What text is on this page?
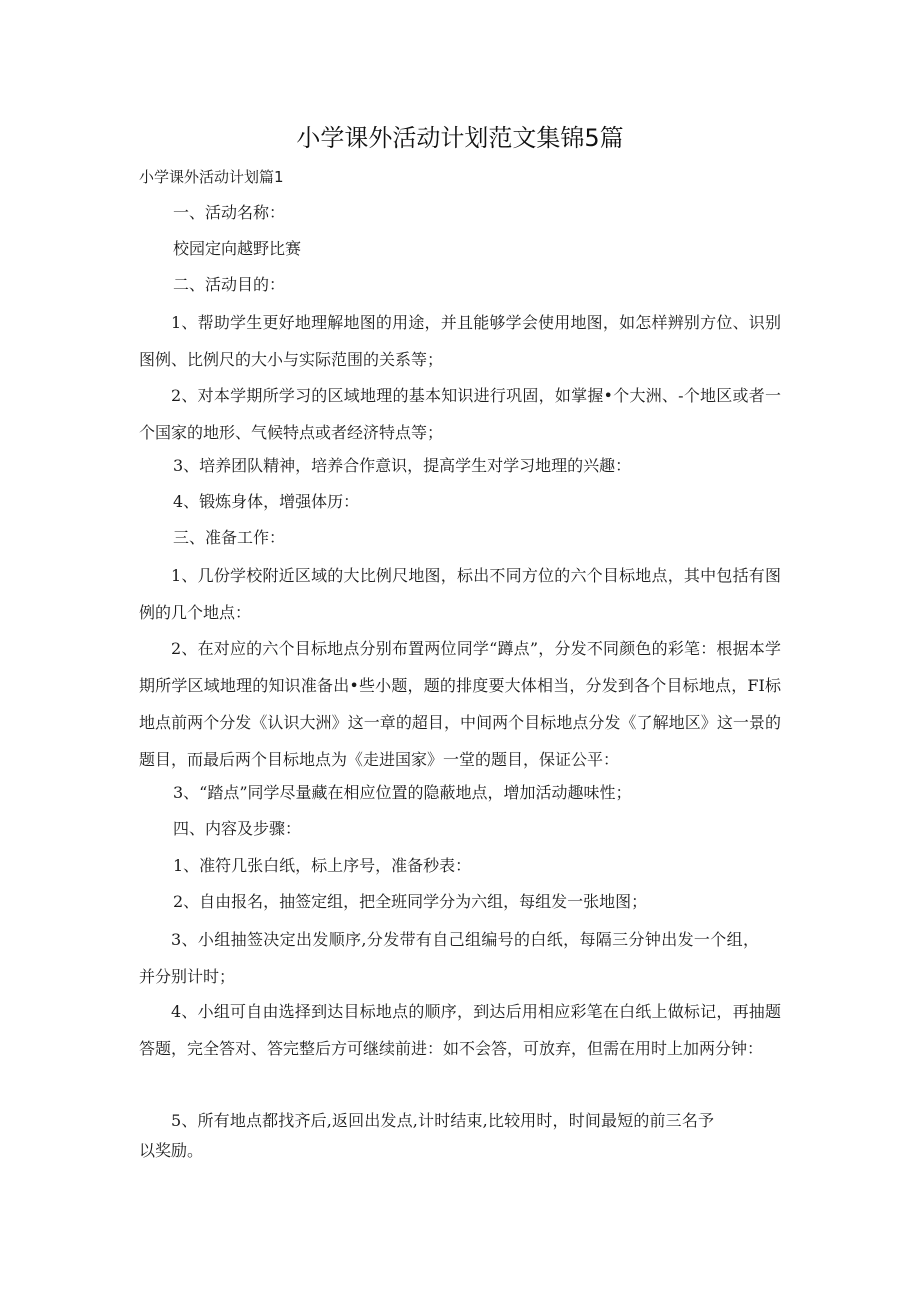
小学课外活动计划范文集锦5篇
小学课外活动计划篇1
一、活动名称：
校园定向越野比赛
二、活动目的：
1、帮助学生更好地理解地图的用途，并且能够学会使用地图，如怎样辨别方位、识别图例、比例尺的大小与实际范围的关系等；
2、对本学期所学习的区域地理的基本知识进行巩固，如掌握•个大洲、-个地区或者一个国家的地形、气候特点或者经济特点等；
3、培养团队精神，培养合作意识，提高学生对学习地理的兴趣：
4、锻炼身体，增强体历：
三、准备工作：
1、几份学校附近区域的大比例尺地图，标出不同方位的六个目标地点，其中包括有图例的几个地点：
2、在对应的六个目标地点分别布置两位同学“蹲点”，分发不同颜色的彩笔：根据本学期所学区域地理的知识准备出•些小题，题的排度要大体相当，分发到各个目标地点，FI标地点前两个分发《认识大洲》这一章的超目，中间两个目标地点分发《了解地区》这一景的题目，而最后两个目标地点为《走进国家》一堂的题目，保证公平：
3、“踏点”同学尽量藏在相应位置的隐蔽地点，增加活动趣味性；
四、内容及步骤：
1、准符几张白纸，标上序号，准备秒表：
2、自由报名，抽签定组，把全班同学分为六组，每组发一张地图；
3、小组抽签决定出发顺序,分发带有自己组编号的白纸，每隔三分钟出发一个组，并分别计时；
4、小组可自由选择到达目标地点的顺序，到达后用相应彩笔在白纸上做标记，再抽题答题，完全答对、答完整后方可继续前进：如不会答，可放弃，但需在用时上加两分钟：
5、所有地点都找齐后,返回出发点,计时结束,比较用时，时间最短的前三名予以奖励。
